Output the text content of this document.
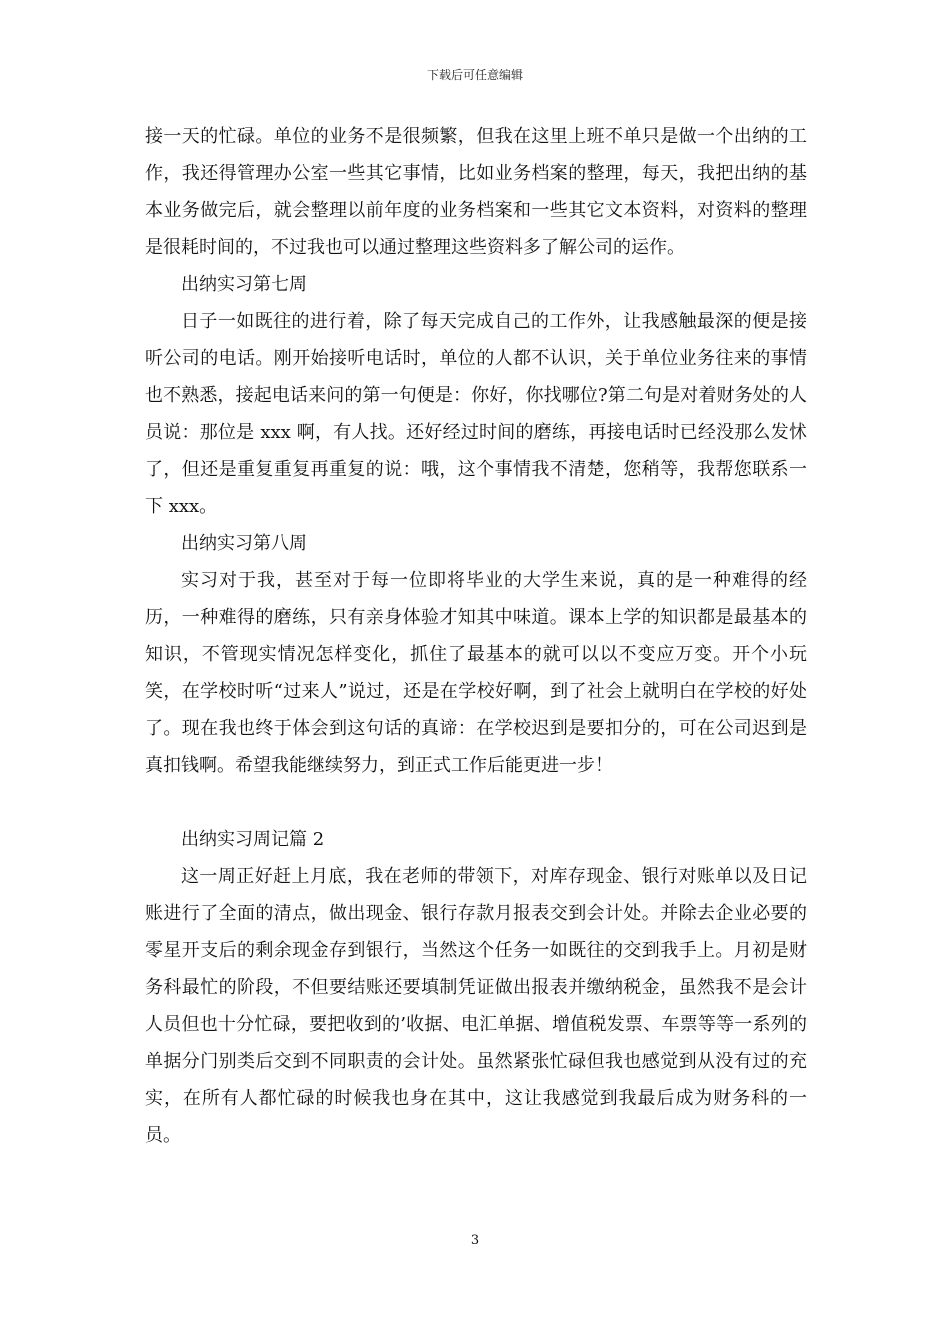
下载后可任意编辑

接一天的忙碌。单位的业务不是很频繁，但我在这里上班不单只是做一个出纳的工作，我还得管理办公室一些其它事情，比如业务档案的整理，每天，我把出纳的基本业务做完后，就会整理以前年度的业务档案和一些其它文本资料，对资料的整理是很耗时间的，不过我也可以通过整理这些资料多了解公司的运作。

出纳实习第七周

日子一如既往的进行着，除了每天完成自己的工作外，让我感触最深的便是接听公司的电话。刚开始接听电话时，单位的人都不认识，关于单位业务往来的事情也不熟悉，接起电话来问的第一句便是：你好，你找哪位?第二句是对着财务处的人员说：那位是 xxx 啊，有人找。还好经过时间的磨练，再接电话时已经没那么发怵了，但还是重复重复再重复的说：哦，这个事情我不清楚，您稍等，我帮您联系一下 xxx。

出纳实习第八周

实习对于我，甚至对于每一位即将毕业的大学生来说，真的是一种难得的经历，一种难得的磨练，只有亲身体验才知其中味道。课本上学的知识都是最基本的知识，不管现实情况怎样变化，抓住了最基本的就可以以不变应万变。开个小玩笑，在学校时听“过来人”说过，还是在学校好啊，到了社会上就明白在学校的好处了。现在我也终于体会到这句话的真谛：在学校迟到是要扣分的，可在公司迟到是真扣钱啊。希望我能继续努力，到正式工作后能更进一步！

出纳实习周记篇 2

这一周正好赶上月底，我在老师的带领下，对库存现金、银行对账单以及日记账进行了全面的清点，做出现金、银行存款月报表交到会计处。并除去企业必要的零星开支后的剩余现金存到银行，当然这个任务一如既往的交到我手上。月初是财务科最忙的阶段，不但要结账还要填制凭证做出报表并缴纳税金，虽然我不是会计人员但也十分忙碌，要把收到的’收据、电汇单据、增值税发票、车票等等一系列的单据分门别类后交到不同职责的会计处。虽然紧张忙碌但我也感觉到从没有过的充实，在所有人都忙碌的时候我也身在其中，这让我感觉到我最后成为财务科的一员。

3
